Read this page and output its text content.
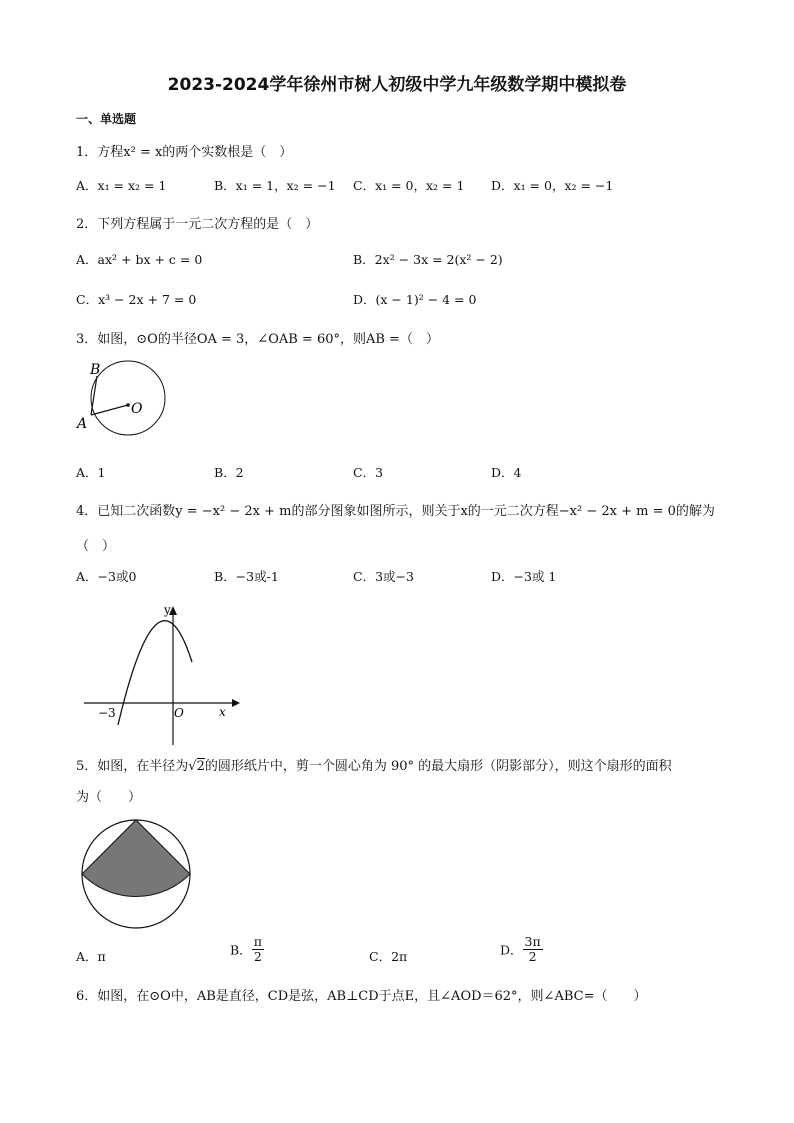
2023-2024学年徐州市树人初级中学九年级数学期中模拟卷
一、单选题
1．方程x² = x的两个实数根是（　）
A．x₁ = x₂ = 1	B．x₁ = 1，x₂ = −1 C．x₁ = 0，x₂ = 1 D．x₁ = 0，x₂ = −1
2．下列方程属于一元二次方程的是（　）
A．ax² + bx + c = 0	B．2x² − 3x = 2(x² − 2)
C．x³ − 2x + 7 = 0	D．(x − 1)² − 4 = 0
3．如图，⊙O的半径OA = 3，∠OAB = 60°，则AB =（　）
B
A
O
A．1	B．2	C．3	D．4
4．已知二次函数y = −x² − 2x + m的部分图象如图所示，则关于x的一元二次方程−x² − 2x + m = 0的解为
（　）
A．−3或0	B．−3或-1	C．3或−3	D．−3或 1
y
x
O
−3
5．如图，在半径为√2的圆形纸片中，剪一个圆心角为 90° 的最大扇形（阴影部分），则这个扇形的面积
为（　　）
A．π	B． $\frac{\pi}{2}$	C．2π	D． $\frac{3\pi}{2}$
6．如图，在⊙O中，AB是直径，CD是弦，AB⊥CD于点E，且∠AOD＝62°，则∠ABC=（　　）
